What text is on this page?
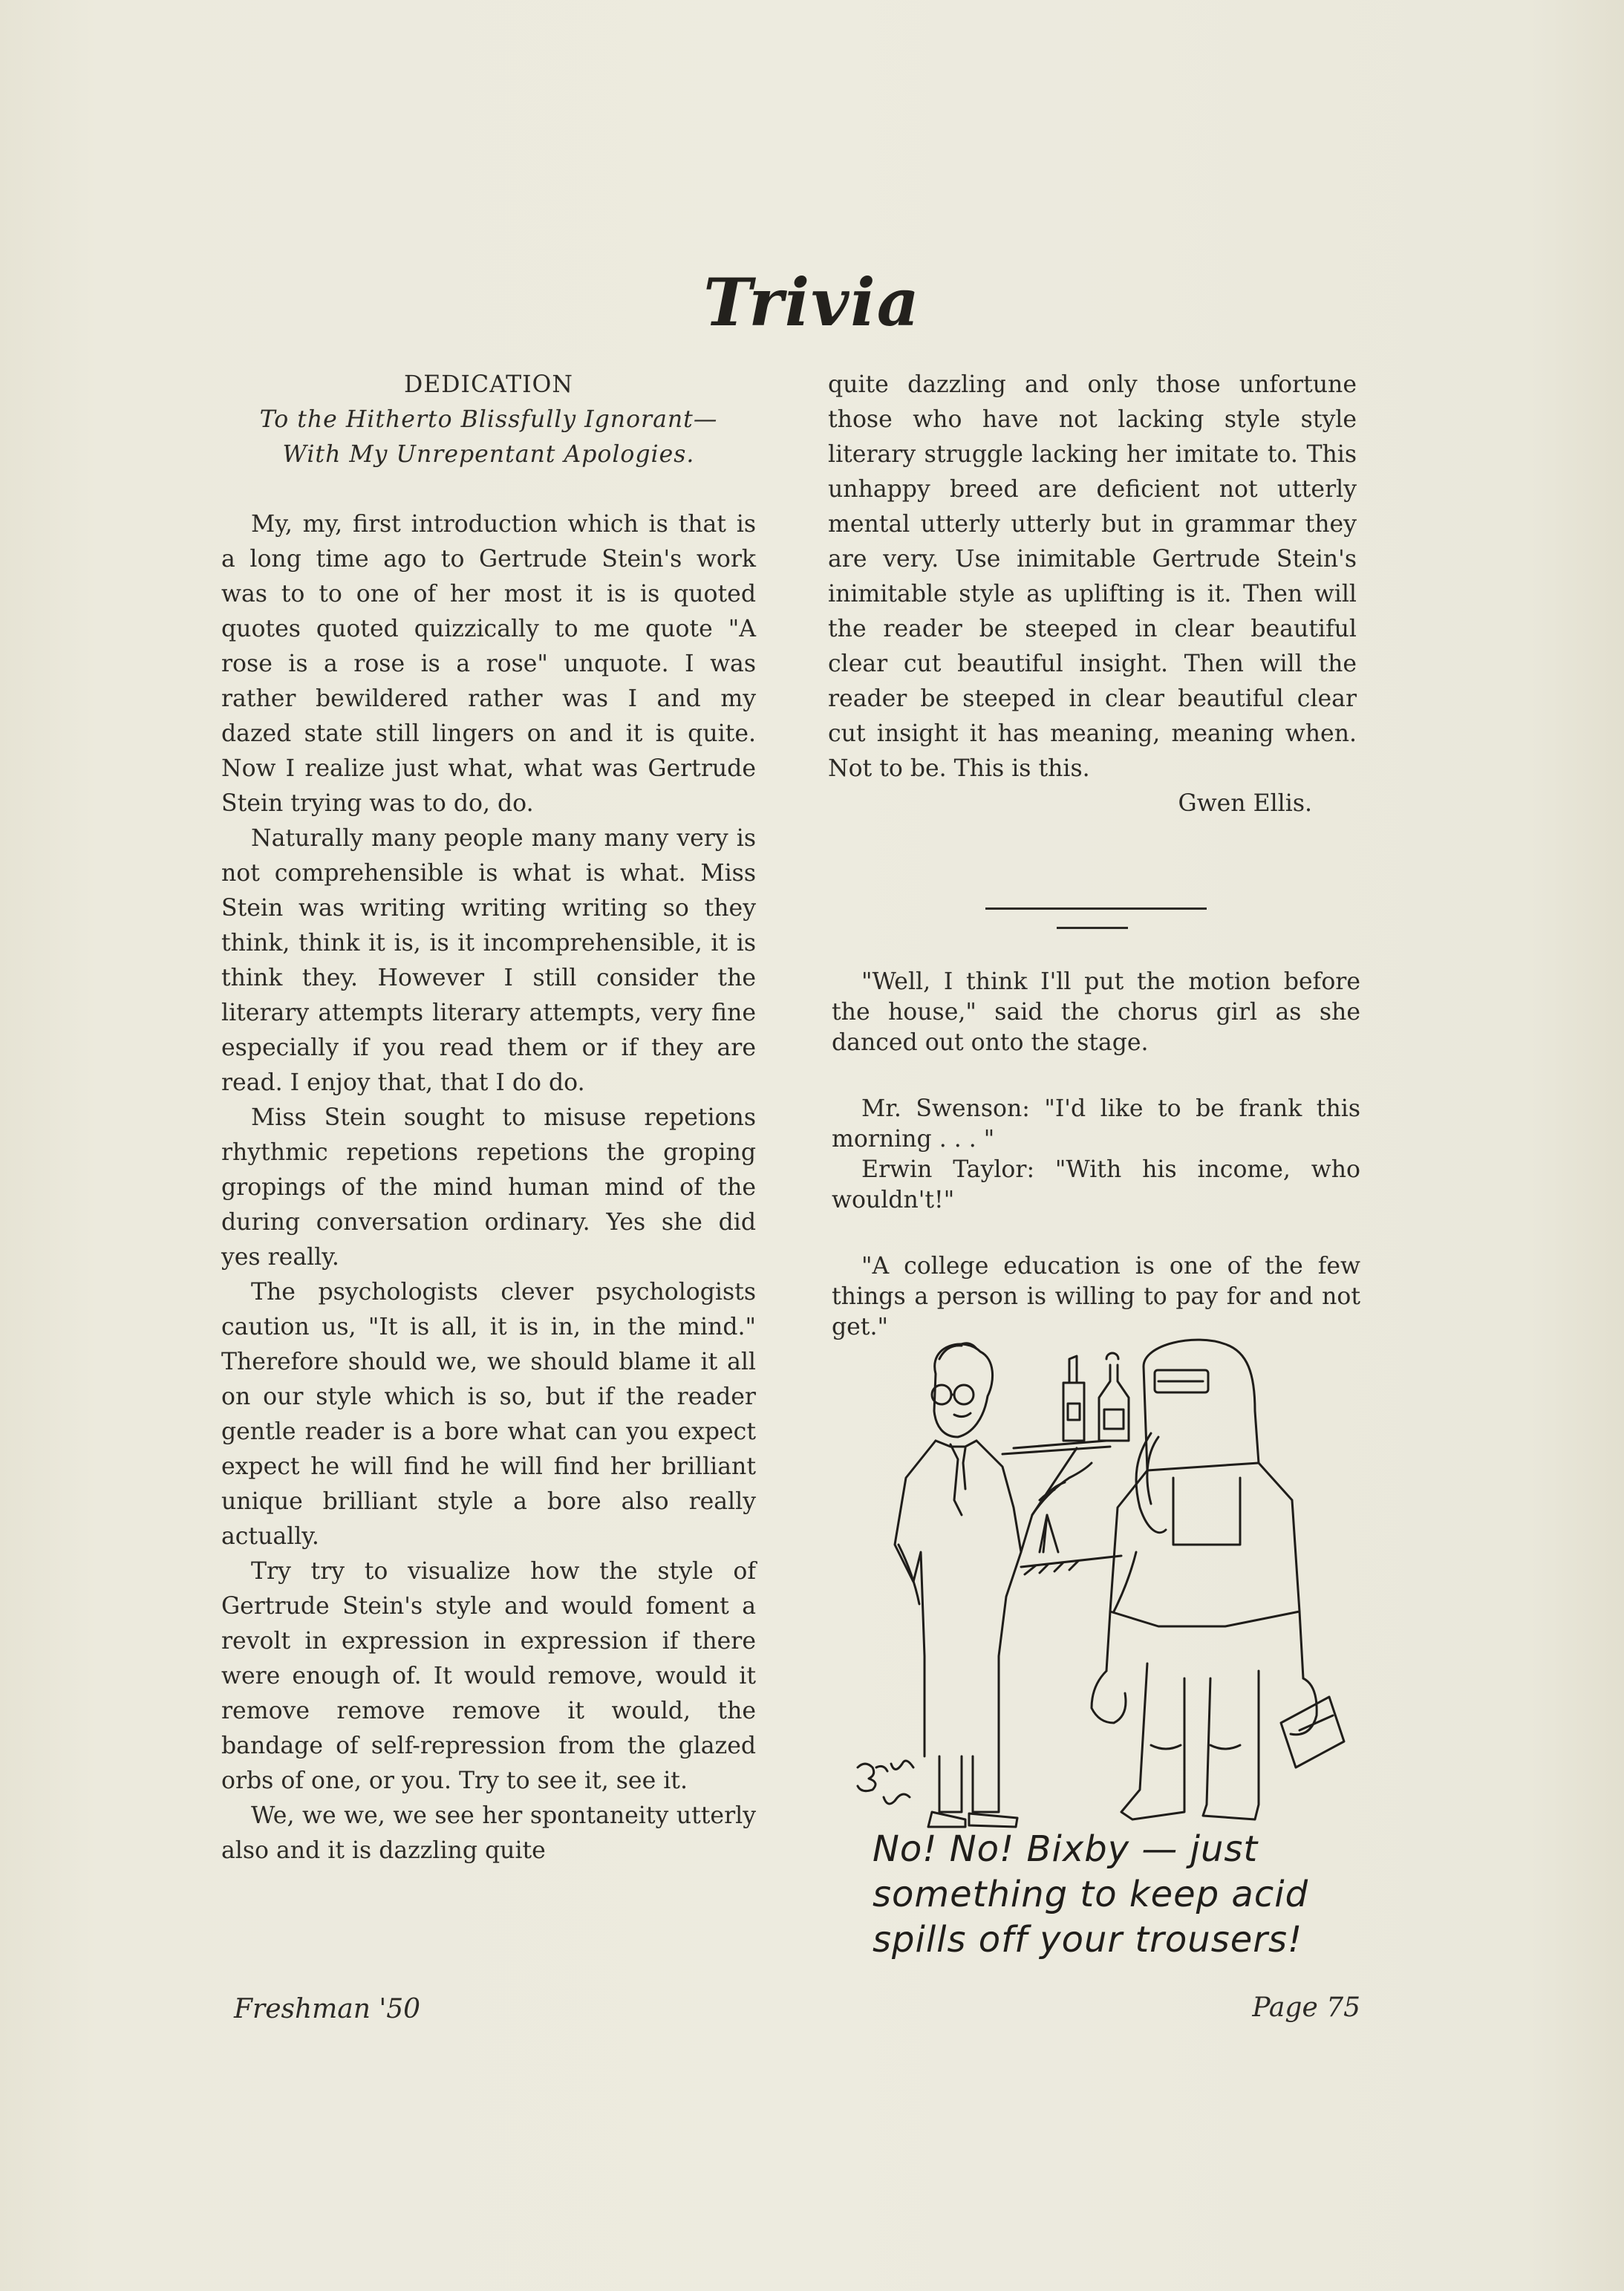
Trivia

DEDICATION

To the Hitherto Blissfully Ignorant—

With My Unrepentant Apologies.

My, my, first introduction which is that is a long time ago to Gertrude Stein's work was to to one of her most it is is quoted quotes quoted quizzically to me quote "A rose is a rose is a rose" unquote. I was rather bewildered rather was I and my dazed state still lingers on and it is quite. Now I realize just what, what was Gertrude Stein trying was to do, do.

Naturally many people many many very is not comprehensible is what is what. Miss Stein was writing writing writing so they think, think it is, is it incomprehensible, it is think they. However I still consider the literary attempts literary attempts, very fine especially if you read them or if they are read. I enjoy that, that I do do.

Miss Stein sought to misuse repetions rhythmic repetions repetions the groping gropings of the mind human mind of the during conversation ordinary. Yes she did yes really.

The psychologists clever psychologists caution us, "It is all, it is in, in the mind." Therefore should we, we should blame it all on our style which is so, but if the reader gentle reader is a bore what can you expect expect he will find he will find her brilliant unique brilliant style a bore also really actually.

Try try to visualize how the style of Gertrude Stein's style and would foment a revolt in expression in expression if there were enough of. It would remove, would it remove remove remove it would, the bandage of self-repression from the glazed orbs of one, or you. Try to see it, see it.

We, we we, we see her spontaneity utterly also and it is dazzling quite

quite dazzling and only those unfortune those who have not lacking style style literary struggle lacking her imitate to. This unhappy breed are deficient not utterly mental utterly utterly but in grammar they are very. Use inimitable Gertrude Stein's inimitable style as uplifting is it. Then will the reader be steeped in clear beautiful clear cut beautiful insight. Then will the reader be steeped in clear beautiful clear cut insight it has meaning, meaning when. Not to be. This is this.

Gwen Ellis.

"Well, I think I'll put the motion before the house," said the chorus girl as she danced out onto the stage.

Mr. Swenson: "I'd like to be frank this morning . . . "

Erwin Taylor: "With his income, who wouldn't!"

"A college education is one of the few things a person is willing to pay for and not get."

No! No! Bixby — just
something to keep acid
spills off your trousers!
Freshman '50	Page 75
